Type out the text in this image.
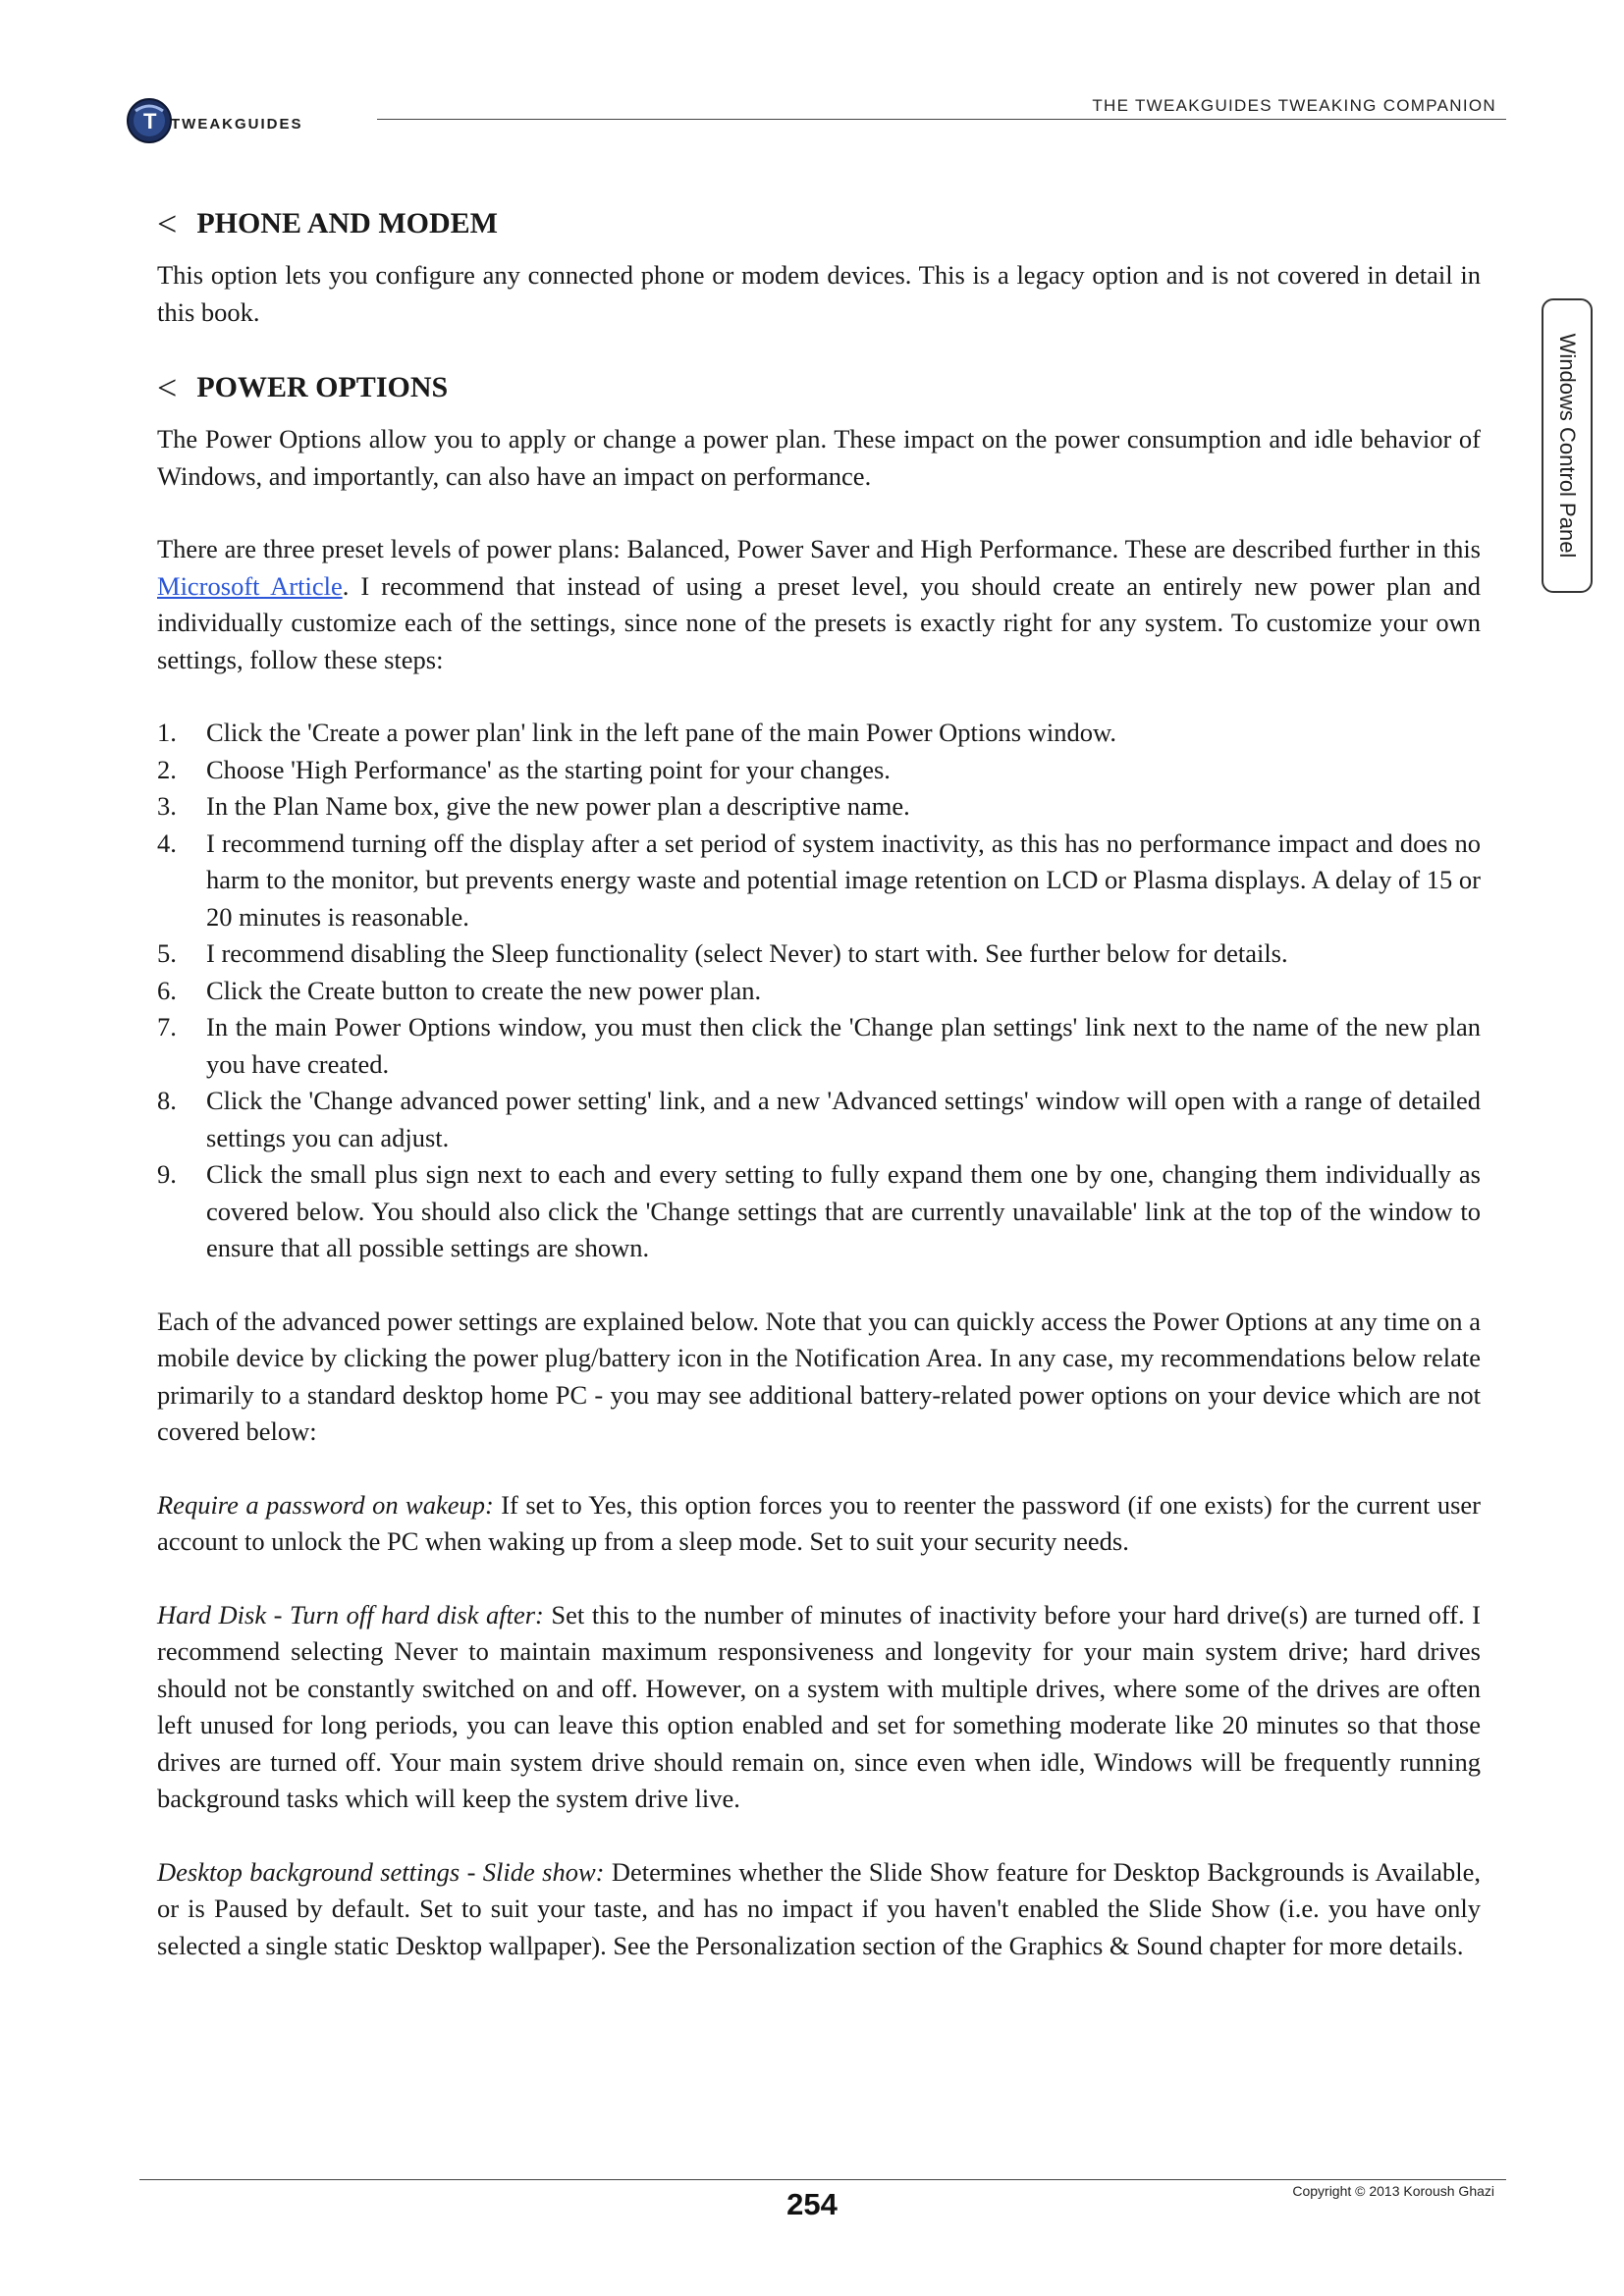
T TWEAKGUIDES
THE TWEAKGUIDES TWEAKING COMPANION
Windows Control Panel
< PHONE AND MODEM

This option lets you configure any connected phone or modem devices. This is a legacy option and is not covered in detail in this book.

< POWER OPTIONS

The Power Options allow you to apply or change a power plan. These impact on the power consumption and idle behavior of Windows, and importantly, can also have an impact on performance.

There are three preset levels of power plans: Balanced, Power Saver and High Performance. These are described further in this Microsoft Article. I recommend that instead of using a preset level, you should create an entirely new power plan and individually customize each of the settings, since none of the presets is exactly right for any system. To customize your own settings, follow these steps:

1. Click the 'Create a power plan' link in the left pane of the main Power Options window.
2. Choose 'High Performance' as the starting point for your changes.
3. In the Plan Name box, give the new power plan a descriptive name.
4. I recommend turning off the display after a set period of system inactivity, as this has no performance impact and does no harm to the monitor, but prevents energy waste and potential image retention on LCD or Plasma displays. A delay of 15 or 20 minutes is reasonable.
5. I recommend disabling the Sleep functionality (select Never) to start with. See further below for details.
6. Click the Create button to create the new power plan.
7. In the main Power Options window, you must then click the 'Change plan settings' link next to the name of the new plan you have created.
8. Click the 'Change advanced power setting' link, and a new 'Advanced settings' window will open with a range of detailed settings you can adjust.
9. Click the small plus sign next to each and every setting to fully expand them one by one, changing them individually as covered below. You should also click the 'Change settings that are currently unavailable' link at the top of the window to ensure that all possible settings are shown.

Each of the advanced power settings are explained below. Note that you can quickly access the Power Options at any time on a mobile device by clicking the power plug/battery icon in the Notification Area. In any case, my recommendations below relate primarily to a standard desktop home PC - you may see additional battery-related power options on your device which are not covered below:

Require a password on wakeup: If set to Yes, this option forces you to reenter the password (if one exists) for the current user account to unlock the PC when waking up from a sleep mode. Set to suit your security needs.

Hard Disk - Turn off hard disk after: Set this to the number of minutes of inactivity before your hard drive(s) are turned off. I recommend selecting Never to maintain maximum responsiveness and longevity for your main system drive; hard drives should not be constantly switched on and off. However, on a system with multiple drives, where some of the drives are often left unused for long periods, you can leave this option enabled and set for something moderate like 20 minutes so that those drives are turned off. Your main system drive should remain on, since even when idle, Windows will be frequently running background tasks which will keep the system drive live.

Desktop background settings - Slide show: Determines whether the Slide Show feature for Desktop Backgrounds is Available, or is Paused by default. Set to suit your taste, and has no impact if you haven't enabled the Slide Show (i.e. you have only selected a single static Desktop wallpaper). See the Personalization section of the Graphics & Sound chapter for more details.

254	Copyright © 2013 Koroush Ghazi
